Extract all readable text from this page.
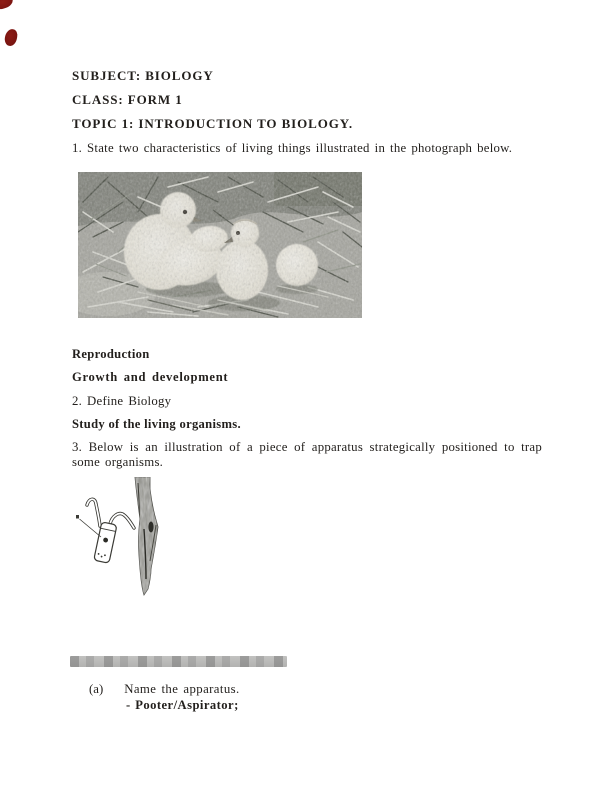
SUBJECT: BIOLOGY
CLASS: FORM 1
TOPIC 1: INTRODUCTION TO BIOLOGY.
1. State two characteristics of living things illustrated in the photograph below.
Reproduction
Growth and development
2. Define Biology
Study of the living organisms.
3. Below is an illustration of a piece of apparatus strategically positioned to trap some organisms.
(a) Name the apparatus.
- Pooter/Aspirator;
